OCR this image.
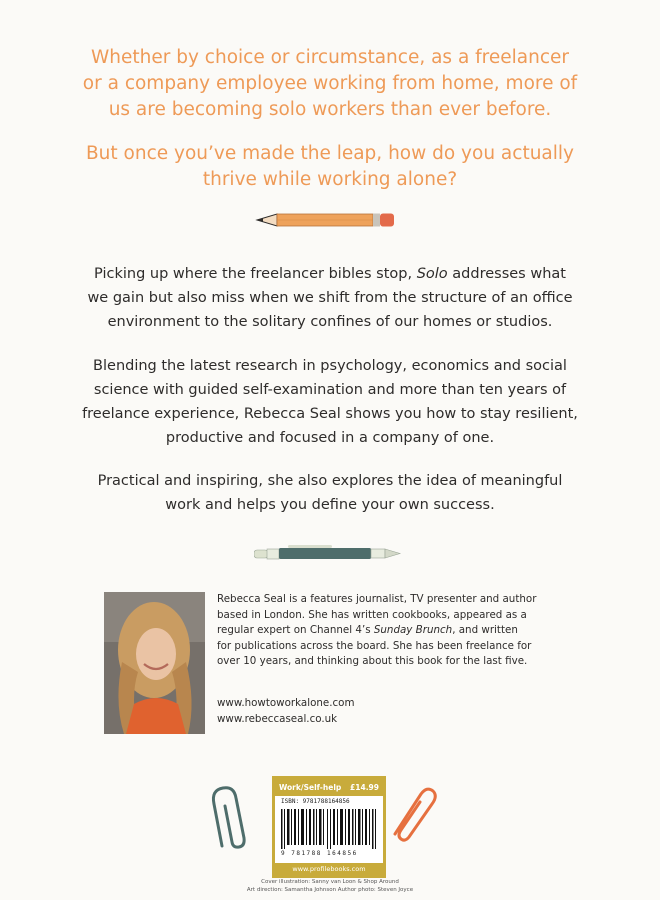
Whether by choice or circumstance, as a freelancer
or a company employee working from home, more of
us are becoming solo workers than ever before.
But once you’ve made the leap, how do you actually
thrive while working alone?

Picking up where the freelancer bibles stop, Solo addresses what
we gain but also miss when we shift from the structure of an office
environment to the solitary confines of our homes or studios.

Blending the latest research in psychology, economics and social
science with guided self-examination and more than ten years of
freelance experience, Rebecca Seal shows you how to stay resilient,
productive and focused in a company of one.

Practical and inspiring, she also explores the idea of meaningful
work and helps you define your own success.

Rebecca Seal is a features journalist, TV presenter and author
based in London. She has written cookbooks, appeared as a
regular expert on Channel 4’s Sunday Brunch, and written
for publications across the board. She has been freelance for
over 10 years, and thinking about this book for the last five.
www.howtoworkalone.com
www.rebeccaseal.co.uk
Work/Self-help £14.99
ISBN: 9781788164856
9 781788 164856
www.profilebooks.com

Cover illustration: Sanny van Loon & Shop Around

Art direction: Samantha Johnson Author photo: Steven Joyce
